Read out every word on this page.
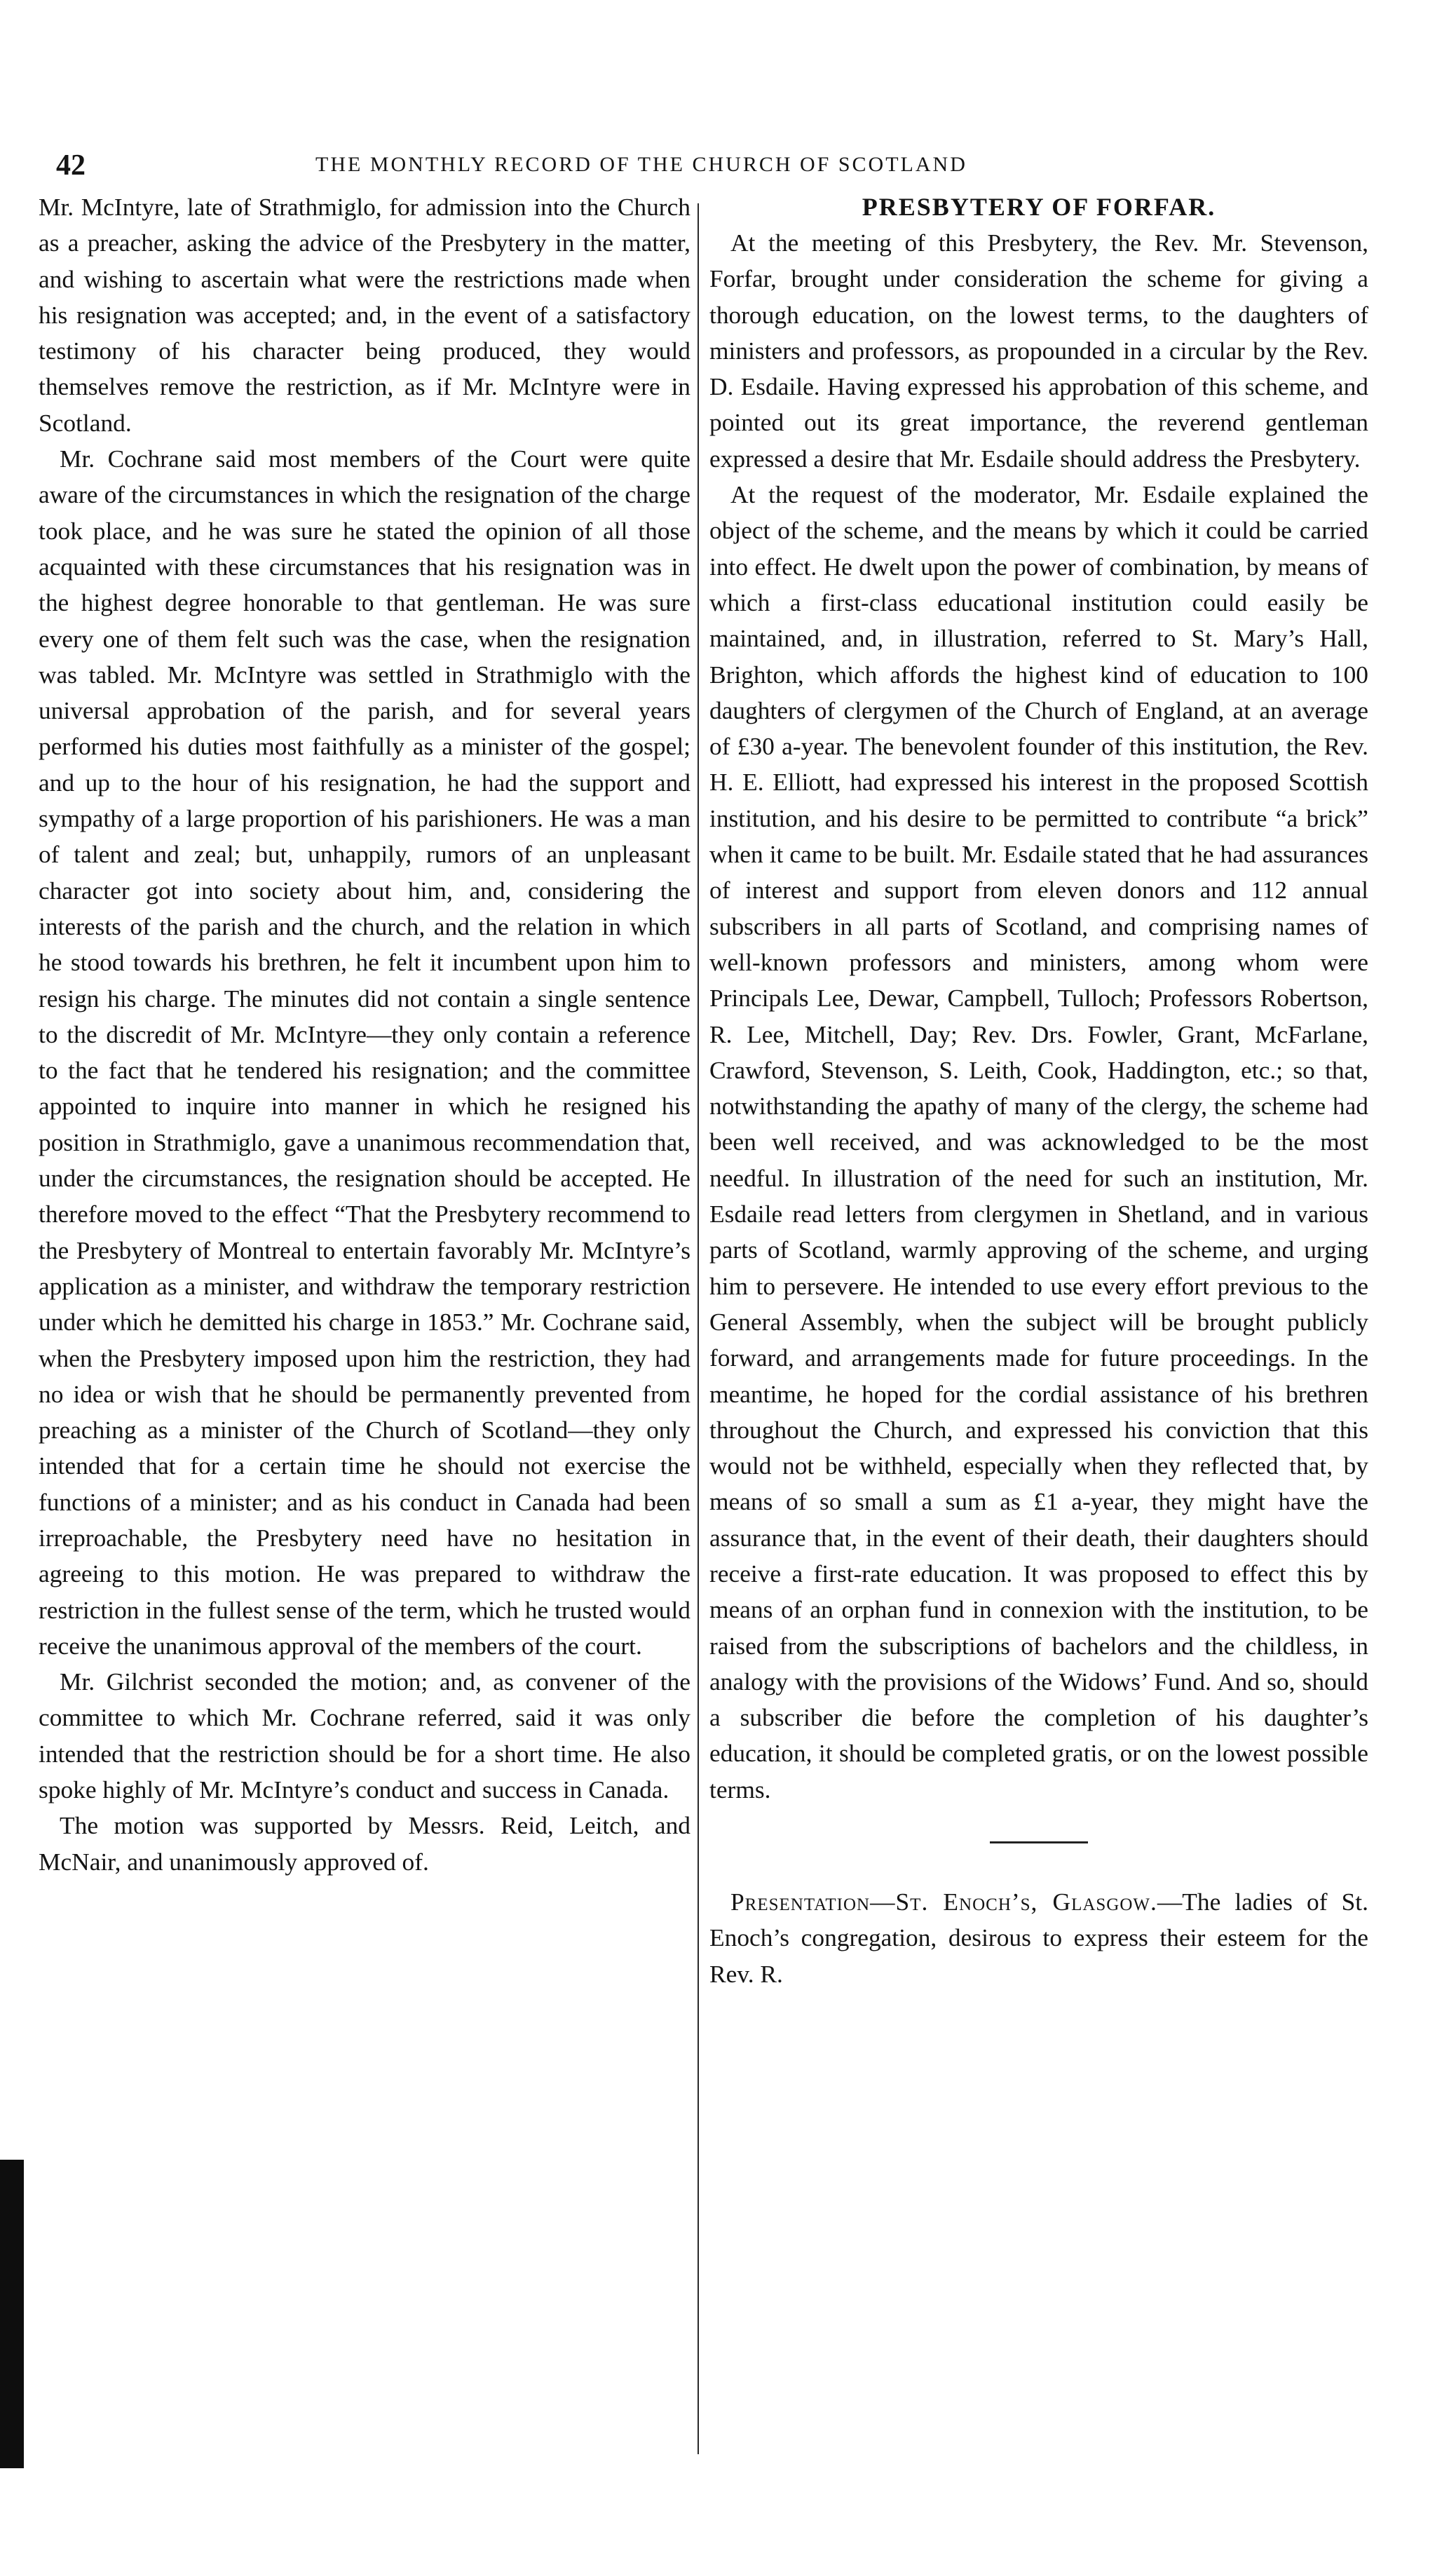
42	THE MONTHLY RECORD OF THE CHURCH OF SCOTLAND

Mr. McIntyre, late of Strathmiglo, for admission into the Church as a preacher, asking the advice of the Presbytery in the matter, and wishing to ascertain what were the restrictions made when his resignation was accepted; and, in the event of a satisfactory testimony of his character being produced, they would themselves remove the restriction, as if Mr. McIntyre were in Scotland.

Mr. Cochrane said most members of the Court were quite aware of the circumstances in which the resignation of the charge took place, and he was sure he stated the opinion of all those acquainted with these circumstances that his resignation was in the highest degree honorable to that gentleman. He was sure every one of them felt such was the case, when the resignation was tabled. Mr. McIntyre was settled in Strathmiglo with the universal approbation of the parish, and for several years performed his duties most faithfully as a minister of the gospel; and up to the hour of his resignation, he had the support and sympathy of a large proportion of his parishioners. He was a man of talent and zeal; but, unhappily, rumors of an unpleasant character got into society about him, and, considering the interests of the parish and the church, and the relation in which he stood towards his brethren, he felt it incumbent upon him to resign his charge. The minutes did not contain a single sentence to the discredit of Mr. McIntyre—they only contain a reference to the fact that he tendered his resignation; and the committee appointed to inquire into manner in which he resigned his position in Strathmiglo, gave a unanimous recommendation that, under the circumstances, the resignation should be accepted. He therefore moved to the effect “That the Presbytery recommend to the Presbytery of Montreal to entertain favorably Mr. McIntyre’s application as a minister, and withdraw the temporary restriction under which he demitted his charge in 1853.” Mr. Cochrane said, when the Presbytery imposed upon him the restriction, they had no idea or wish that he should be permanently prevented from preaching as a minister of the Church of Scotland—they only intended that for a certain time he should not exercise the functions of a minister; and as his conduct in Canada had been irreproachable, the Presbytery need have no hesitation in agreeing to this motion. He was prepared to withdraw the restriction in the fullest sense of the term, which he trusted would receive the unanimous approval of the members of the court.

Mr. Gilchrist seconded the motion; and, as convener of the committee to which Mr. Cochrane referred, said it was only intended that the restriction should be for a short time. He also spoke highly of Mr. McIntyre’s conduct and success in Canada.

The motion was supported by Messrs. Reid, Leitch, and McNair, and unanimously approved of.

PRESBYTERY OF FORFAR.

At the meeting of this Presbytery, the Rev. Mr. Stevenson, Forfar, brought under consideration the scheme for giving a thorough education, on the lowest terms, to the daughters of ministers and professors, as propounded in a circular by the Rev. D. Esdaile. Having expressed his approbation of this scheme, and pointed out its great importance, the reverend gentleman expressed a desire that Mr. Esdaile should address the Presbytery.

At the request of the moderator, Mr. Esdaile explained the object of the scheme, and the means by which it could be carried into effect. He dwelt upon the power of combination, by means of which a first-class educational institution could easily be maintained, and, in illustration, referred to St. Mary’s Hall, Brighton, which affords the highest kind of education to 100 daughters of clergymen of the Church of England, at an average of £30 a-year. The benevolent founder of this institution, the Rev. H. E. Elliott, had expressed his interest in the proposed Scottish institution, and his desire to be permitted to contribute “a brick” when it came to be built. Mr. Esdaile stated that he had assurances of interest and support from eleven donors and 112 annual subscribers in all parts of Scotland, and comprising names of well-known professors and ministers, among whom were Principals Lee, Dewar, Campbell, Tulloch; Professors Robertson, R. Lee, Mitchell, Day; Rev. Drs. Fowler, Grant, McFarlane, Crawford, Stevenson, S. Leith, Cook, Haddington, etc.; so that, notwithstanding the apathy of many of the clergy, the scheme had been well received, and was acknowledged to be the most needful. In illustration of the need for such an institution, Mr. Esdaile read letters from clergymen in Shetland, and in various parts of Scotland, warmly approving of the scheme, and urging him to persevere. He intended to use every effort previous to the General Assembly, when the subject will be brought publicly forward, and arrangements made for future proceedings. In the meantime, he hoped for the cordial assistance of his brethren throughout the Church, and expressed his conviction that this would not be withheld, especially when they reflected that, by means of so small a sum as £1 a-year, they might have the assurance that, in the event of their death, their daughters should receive a first-rate education. It was proposed to effect this by means of an orphan fund in connexion with the institution, to be raised from the subscriptions of bachelors and the childless, in analogy with the provisions of the Widows’ Fund. And so, should a subscriber die before the completion of his daughter’s education, it should be completed gratis, or on the lowest possible terms.

Presentation—St. Enoch’s, Glasgow.—The ladies of St. Enoch’s congregation, desirous to express their esteem for the Rev. R.
